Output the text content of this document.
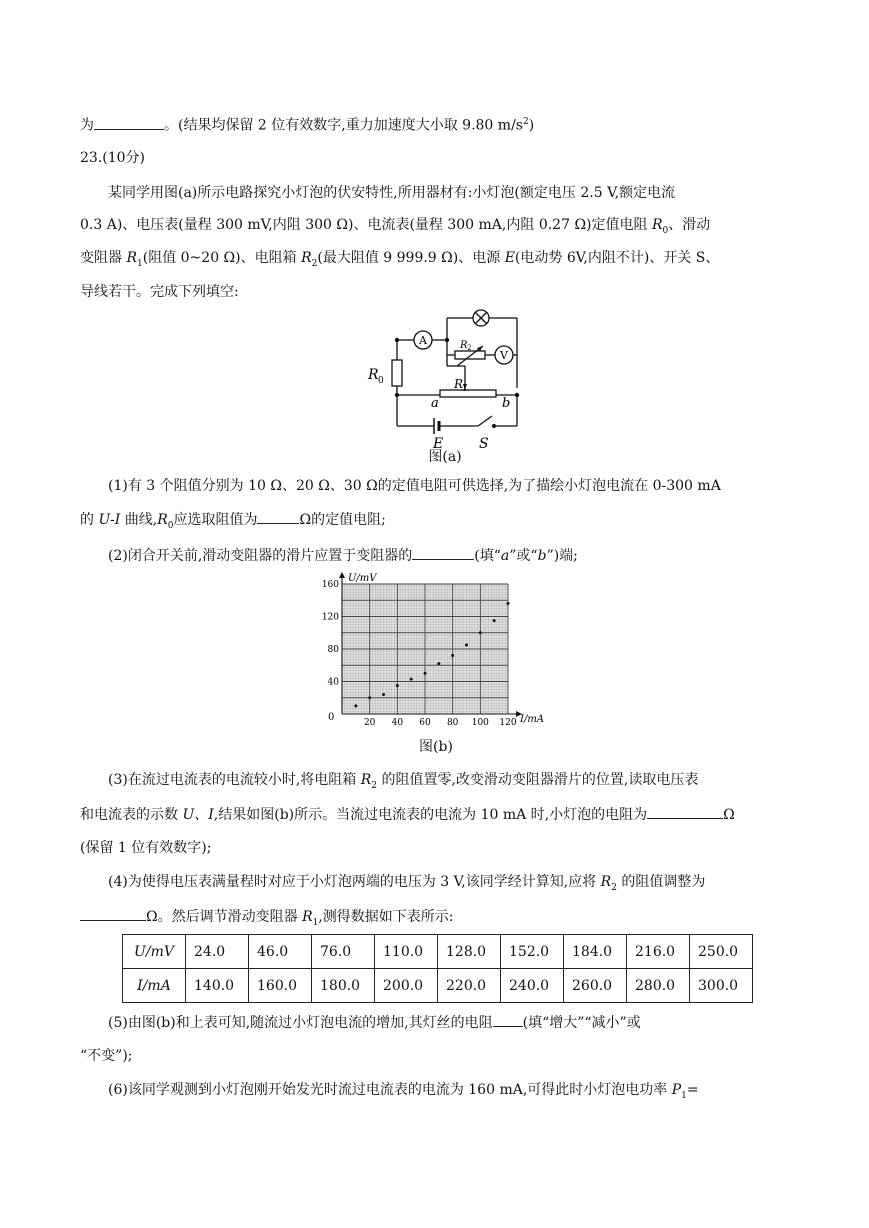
为	。(结果均保留 2 位有效数字,重力加速度大小取 9.80 $m/s^2$)
23.(10分)
某同学用图(a)所示电路探究小灯泡的伏安特性,所用器材有:小灯泡(额定电压 2.5 V,额定电流
0.3 A)、电压表(量程 300 mV,内阻 300 Ω)、电流表(量程 300 mA,内阻 0.27 Ω)定值电阻 $R_0$、滑动
变阻器 $R_1$(阻值 0~20 Ω)、电阻箱 $R_2$(最大阻值 9 999.9 Ω)、电源 E(电动势 6V,内阻不计)、开关 S、
导线若干。完成下列填空:
A
V
R 0
R 2
R
1
a	b
E	S
图(a)
(1)有 3 个阻值分别为 10 Ω、20 Ω、30 Ω的定值电阻可供选择,为了描绘小灯泡电流在 0-300 mA
的 U-I 曲线$,R_0$应选取阻值为	Ω的定值电阻;
(2)闭合开关前,滑动变阻器的滑片应置于变阻器的	(填“a”或“b”)端;
20 40 60 80 100 120
40
80
120
160
U/mV
I/mA
0
图(b)
(3)在流过电流表的电流较小时,将电阻箱 $R_2$ 的阻值置零,改变滑动变阻器滑片的位置,读取电压表
和电流表的示数 U、I,结果如图(b)所示。当流过电流表的电流为 10 mA 时,小灯泡的电阻为	Ω
(保留 1 位有效数字);
(4)为使得电压表满量程时对应于小灯泡两端的电压为 3 V,该同学经计算知,应将 $R_2$ 的阻值调整为
Ω。然后调节滑动变阻器 $R_1$,测得数据如下表所示:
U/mV	24.0	46.0	76.0	110.0	128.0	152.0	184.0	216.0	250.0
I/mA	140.0	160.0	180.0	200.0	220.0	240.0	260.0	280.0	300.0
(5)由图(b)和上表可知,随流过小灯泡电流的增加,其灯丝的电阻 (填“增大”“减小”或
“不变”);
(6)该同学观测到小灯泡刚开始发光时流过电流表的电流为 160 mA,可得此时小灯泡电功率 $P_1=$
